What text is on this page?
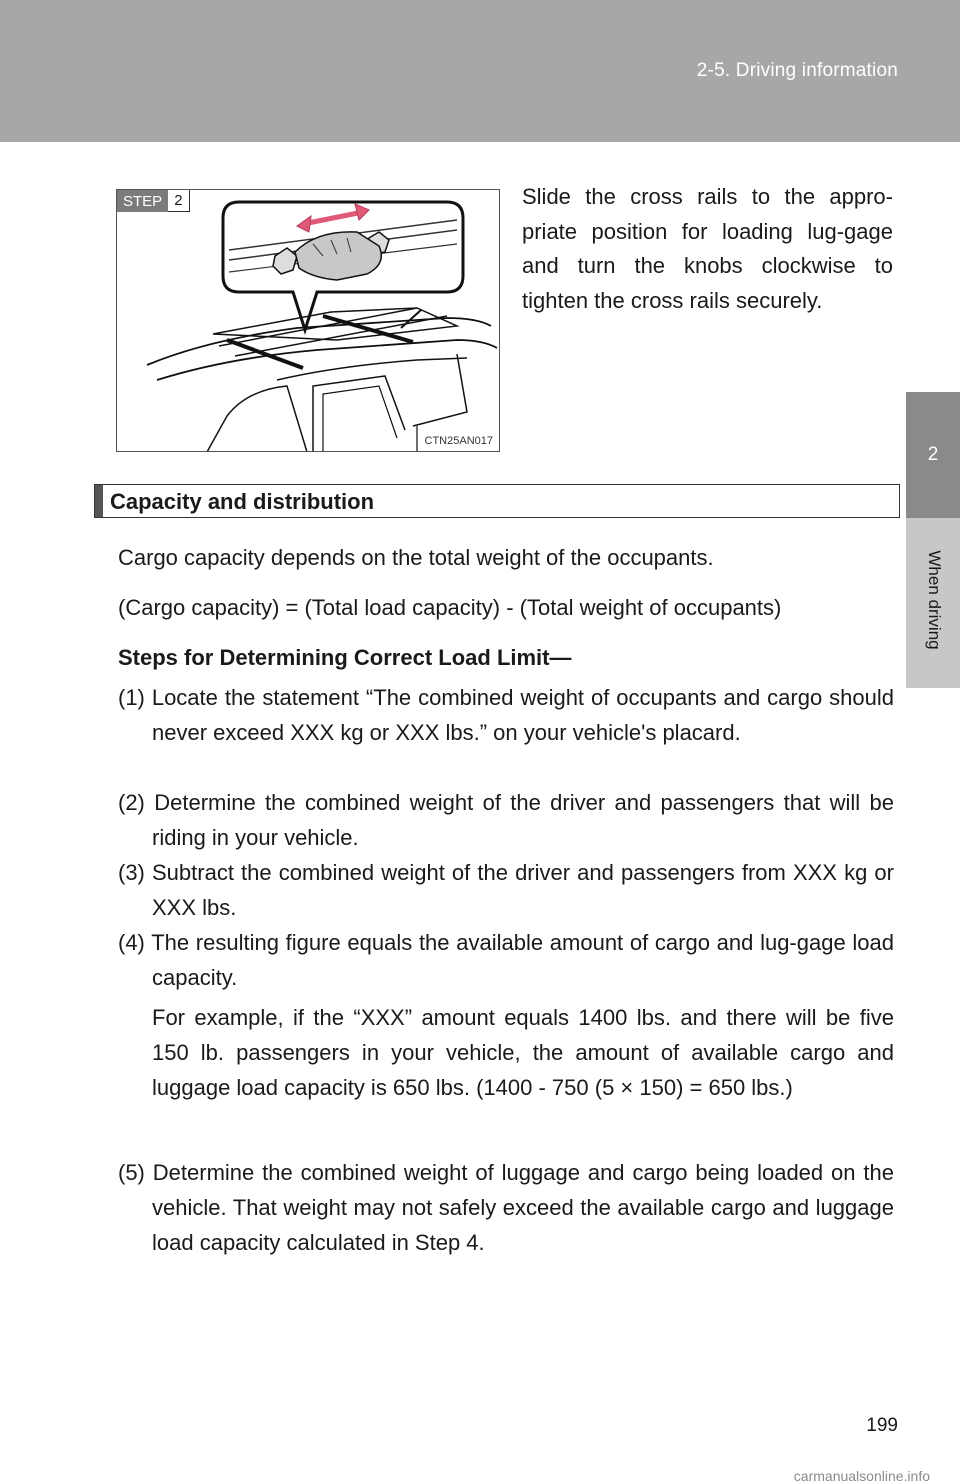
2-5. Driving information
2
When driving
STEP 2
CTN25AN017
Slide the cross rails to the appro-priate position for loading lug-gage and turn the knobs clockwise to tighten the cross rails securely.
Capacity and distribution
Cargo capacity depends on the total weight of the occupants.
(Cargo capacity) = (Total load capacity) - (Total weight of occupants)
Steps for Determining Correct Load Limit—
(1) Locate the statement “The combined weight of occupants and cargo should never exceed XXX kg or XXX lbs.” on your vehicle's placard.
(2) Determine the combined weight of the driver and passengers that will be riding in your vehicle.
(3) Subtract the combined weight of the driver and passengers from XXX kg or XXX lbs.
(4) The resulting figure equals the available amount of cargo and lug-gage load capacity.
For example, if the “XXX” amount equals 1400 lbs. and there will be five 150 lb. passengers in your vehicle, the amount of available cargo and luggage load capacity is 650 lbs. (1400 - 750 (5 × 150) = 650 lbs.)
(5) Determine the combined weight of luggage and cargo being loaded on the vehicle. That weight may not safely exceed the available cargo and luggage load capacity calculated in Step 4.
199
carmanualsonline.info
